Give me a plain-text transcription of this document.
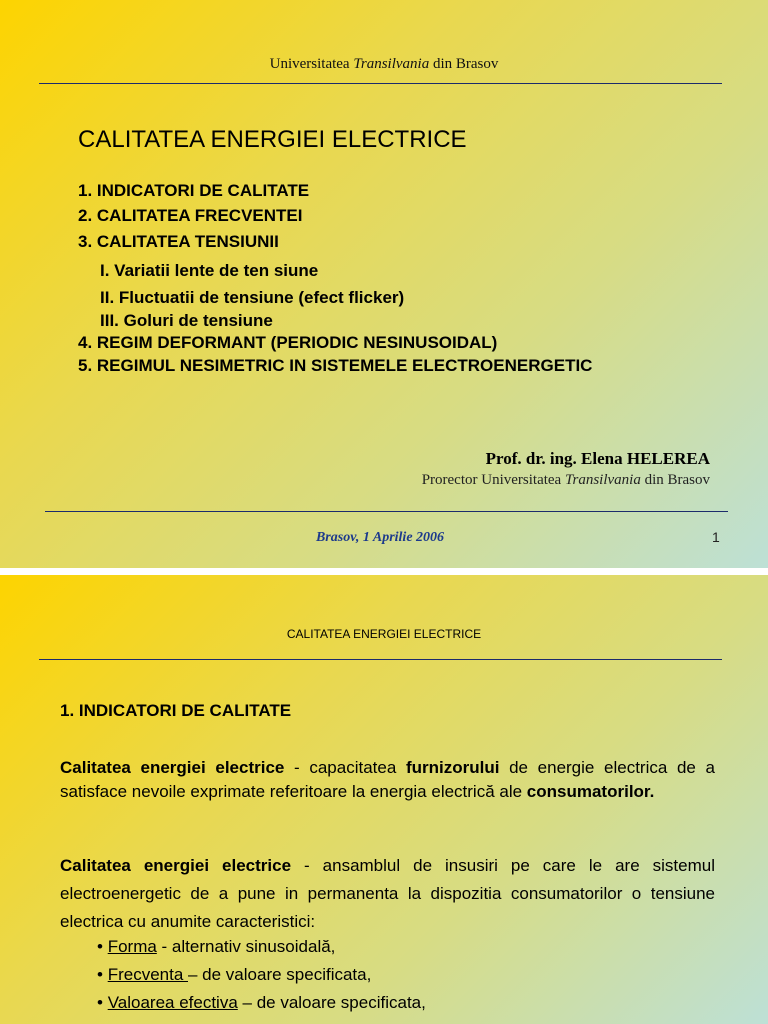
Universitatea Transilvania din Brasov
CALITATEA ENERGIEI ELECTRICE
1. INDICATORI DE CALITATE
2. CALITATEA FRECVENTEI
3. CALITATEA TENSIUNII
I. Variatii lente de ten siune
II. Fluctuatii de tensiune (efect flicker)
III. Goluri de tensiune
4. REGIM DEFORMANT (PERIODIC NESINUSOIDAL)
5. REGIMUL NESIMETRIC IN SISTEMELE ELECTROENERGETIC
Prof. dr. ing. Elena HELEREA
Prorector Universitatea Transilvania din Brasov
Brasov, 1 Aprilie 2006	1
CALITATEA ENERGIEI ELECTRICE
1. INDICATORI DE CALITATE
Calitatea energiei electrice - capacitatea furnizorului de energie electrica de a satisface nevoile exprimate referitoare la energia electrică ale consumatorilor.
Calitatea energiei electrice - ansamblul de insusiri pe care le are sistemul electroenergetic de a pune in permanenta la dispozitia consumatorilor o tensiune electrica cu anumite caracteristici:
• Forma - alternativ sinusoidală,
• Frecventa – de valoare specificata,
• Valoarea efectiva – de valoare specificata,
